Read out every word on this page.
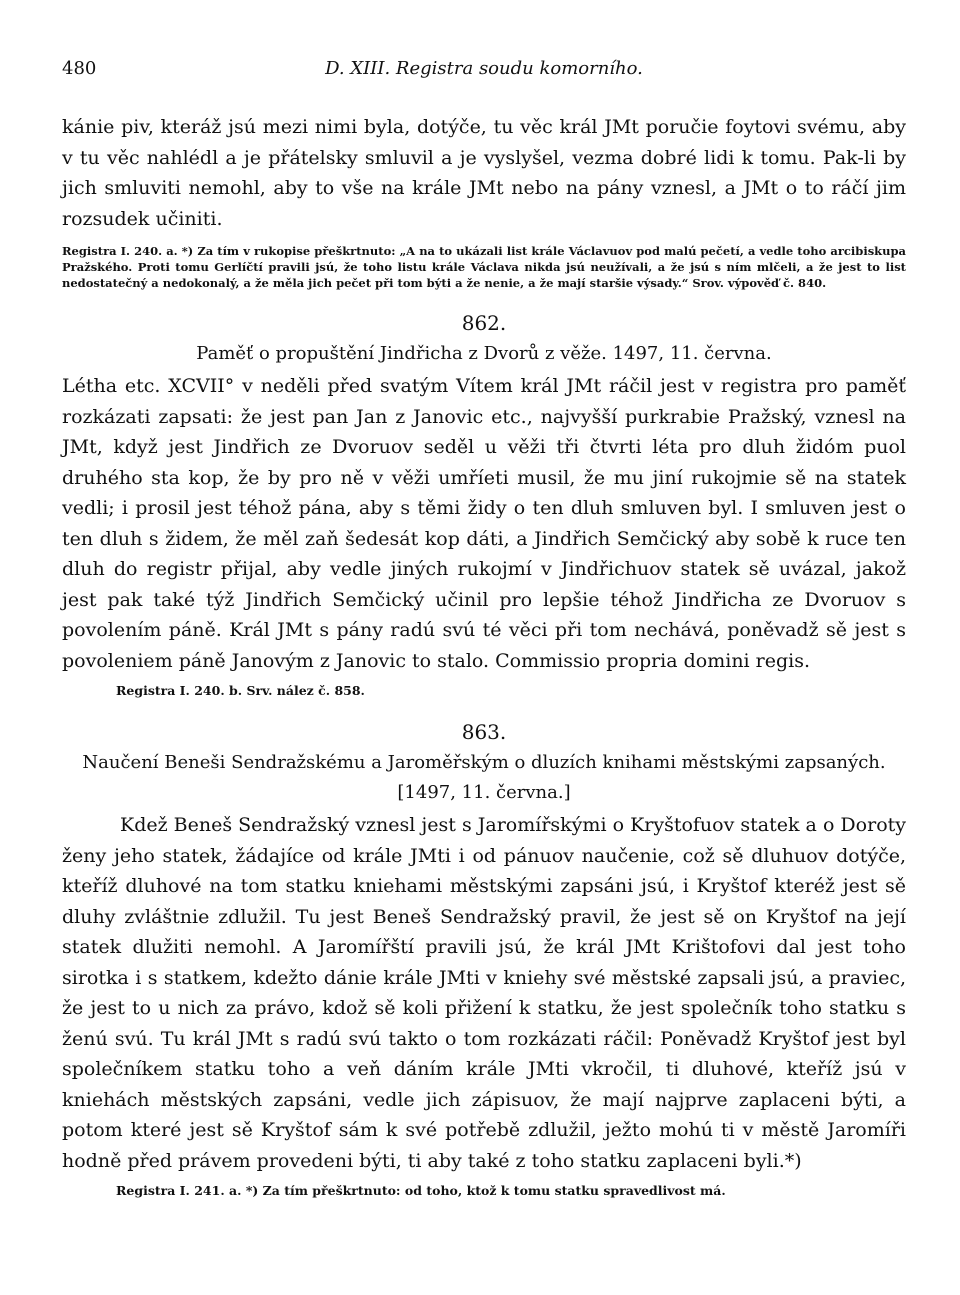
480	D. XIII. Registra soudu komorního.

kánie piv, kteráž jsú mezi nimi byla, dotýče, tu věc král JMt poručie foytovi svému, aby v tu věc nahlédl a je přátelsky smluvil a je vyslyšel, vezma dobré lidi k tomu. Pak-li by jich smluviti nemohl, aby to vše na krále JMt nebo na pány vznesl, a JMt o to ráčí jim rozsudek učiniti.

Registra I. 240. a. *) Za tím v rukopise přeškrtnuto: „A na to ukázali list krále Václavuov pod malú pečetí, a vedle toho arcibiskupa Pražského. Proti tomu Gerlíčtí pravili jsú, že toho listu krále Václava nikda jsú neužívali, a že jsú s ním mlčeli, a že jest to list nedostatečný a nedokonalý, a že měla jich pečet při tom býti a že nenie, a že mají staršie výsady.“ Srov. výpověď č. 840.

862.
Paměť o propuštění Jindřicha z Dvorů z věže. 1497, 11. června.

Létha etc. XCVII° v neděli před svatým Vítem král JMt ráčil jest v registra pro paměť rozkázati zapsati: že jest pan Jan z Janovic etc., najvyšší purkrabie Pražský, vznesl na JMt, když jest Jindřich ze Dvoruov seděl u věži tři čtvrti léta pro dluh židóm puol druhého sta kop, že by pro ně v věži umříeti musil, že mu jiní rukojmie sě na statek vedli; i prosil jest téhož pána, aby s těmi židy o ten dluh smluven byl. I smluven jest o ten dluh s židem, že měl zaň šedesát kop dáti, a Jindřich Semčický aby sobě k ruce ten dluh do registr přijal, aby vedle jiných rukojmí v Jindřichuov statek sě uvázal, jakož jest pak také týž Jindřich Semčický učinil pro lepšie téhož Jindřicha ze Dvoruov s povolením páně. Král JMt s pány radú svú té věci při tom nechává, poněvadž sě jest s povoleniem páně Janovým z Janovic to stalo. Commissio propria domini regis.

Registra I. 240. b. Srv. nález č. 858.
863.
Naučení Benešі Sendražskému a Jaroměřským o dluzích knihami městskými zapsaných.
[1497, 11. června.]

Kdež Beneš Sendražský vznesl jest s Jaromířskými o Kryštofuov statek a o Doroty ženy jeho statek, žádajíce od krále JMti i od pánuov naučenie, což sě dluhuov dotýče, kteříž dluhové na tom statku kniehami městskými zapsáni jsú, i Kryštof kteréž jest sě dluhy zvláštnie zdlužil. Tu jest Beneš Sendražský pravil, že jest sě on Kryštof na její statek dlužiti nemohl. A Jaromířští pravili jsú, že král JMt Krištofovi dal jest toho sirotka i s statkem, kdežto dánie krále JMti v kniehy své městské zapsali jsú, a praviec, že jest to u nich za právo, kdož sě koli přižení k statku, že jest společník toho statku s ženú svú. Tu král JMt s radú svú takto o tom rozkázati ráčil: Poněvadž Kryštof jest byl společníkem statku toho a veň dáním krále JMti vkročil, ti dluhové, kteříž jsú v kniehách městských zapsáni, vedle jich zápisuov, že mají najprve zaplaceni býti, a potom které jest sě Kryštof sám k své potřebě zdlužil, ježto mohú ti v městě Jaromíři hodně před právem provedeni býti, ti aby také z toho statku zaplaceni byli.*)

Registra I. 241. a. *) Za tím přeškrtnuto: od toho, ktož k tomu statku spravedlivost má.
